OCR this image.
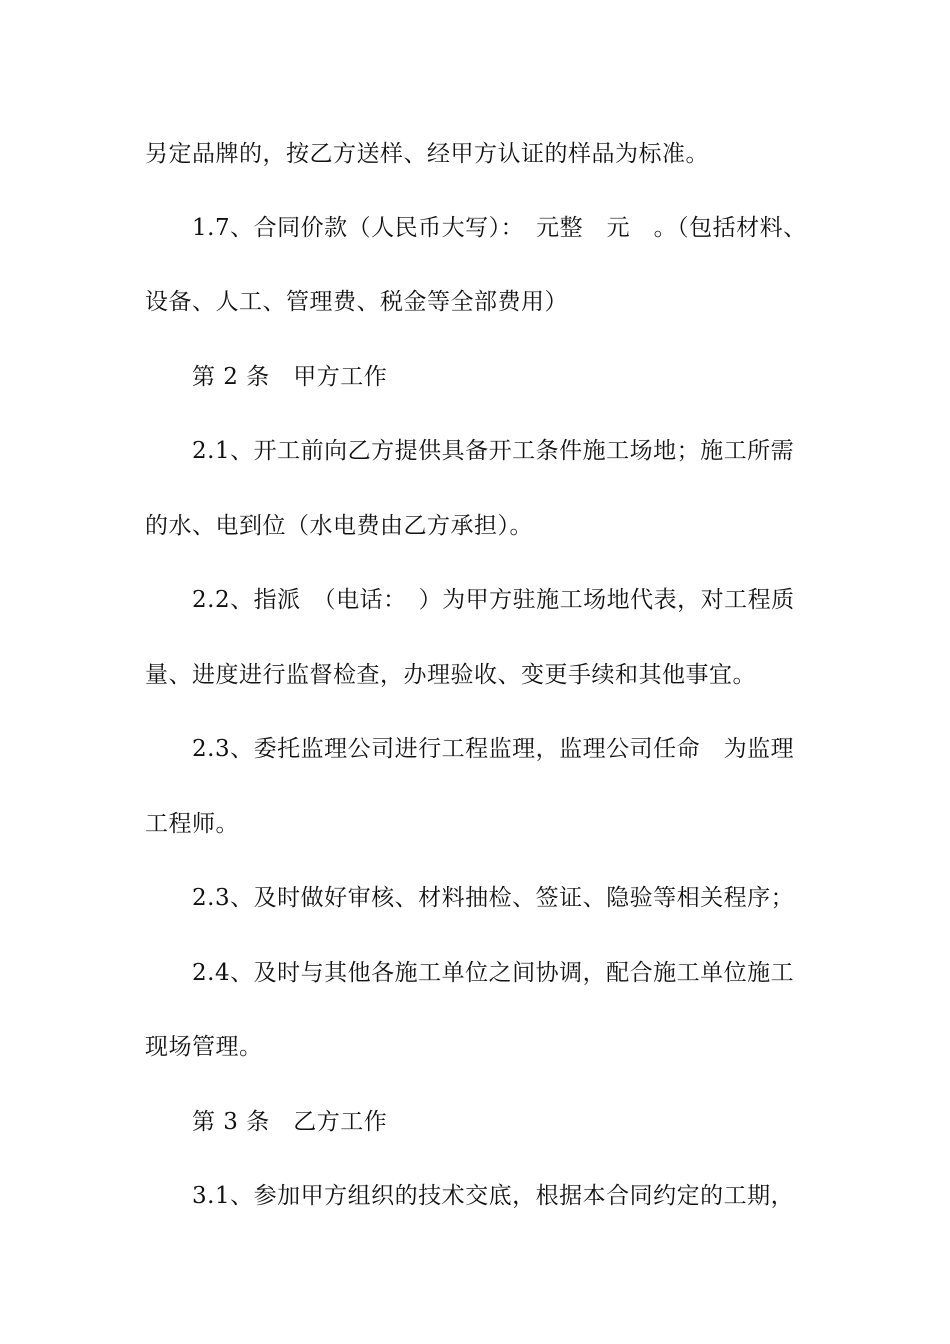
另定品牌的，按乙方送样、经甲方认证的样品为标准。
1.7、合同价款（人民币大写）：　元整　元　。（包括材料、
设备、人工、管理费、税金等全部费用）
第 2 条　甲方工作
2.1、开工前向乙方提供具备开工条件施工场地；施工所需
的水、电到位（水电费由乙方承担）。
2.2、指派　（电话：　）为甲方驻施工场地代表，对工程质
量、进度进行监督检查，办理验收、变更手续和其他事宜。
2.3、委托监理公司进行工程监理，监理公司任命　为监理
工程师。
2.3、及时做好审核、材料抽检、签证、隐验等相关程序；
2.4、及时与其他各施工单位之间协调，配合施工单位施工
现场管理。
第 3 条　乙方工作
3.1、参加甲方组织的技术交底，根据本合同约定的工期，
